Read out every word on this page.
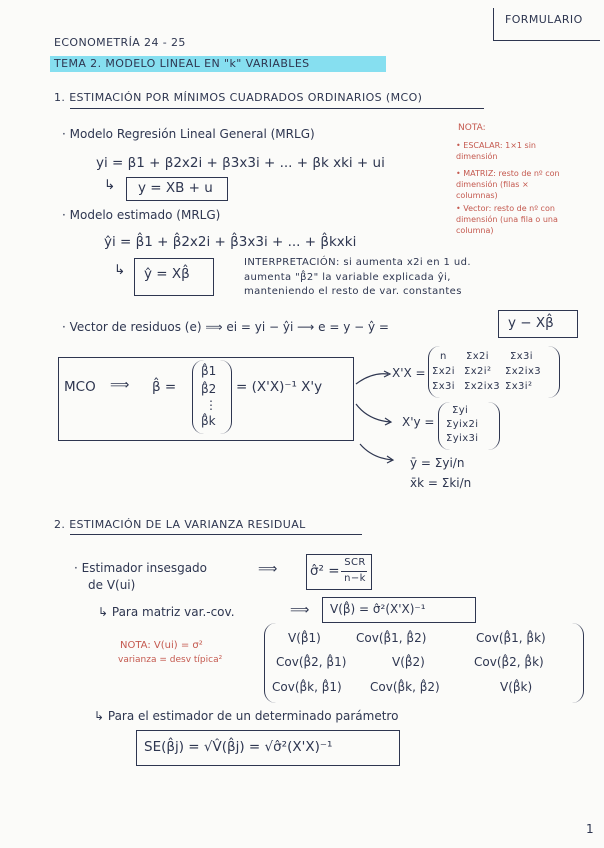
FORMULARIO
ECONOMETRÍA 24 - 25
TEMA 2. MODELO LINEAL EN "k" VARIABLES
1. ESTIMACIÓN POR MÍNIMOS CUADRADOS ORDINARIOS (MCO)
· Modelo Regresión Lineal General (MRLG)
yi = β1 + β2x2i + β3x3i + ... + βk xki + ui
↳ y = XB + u
NOTA:
• ESCALAR: 1×1 sin dimensión
• MATRIZ: resto de nº con dimensión (filas × columnas)
• Vector: resto de nº con dimensión (una fila o una columna)
· Modelo estimado (MRLG)
ŷi = β̂1 + β̂2x2i + β̂3x3i + ... + β̂kxki
↳ ŷ = Xβ̂
INTERPRETACIÓN: si aumenta x2i en 1 ud.
aumenta "β̂2" la variable explicada ŷi,
manteniendo el resto de var. constantes
· Vector de residuos (e) ⟹ ei = yi − ŷi ⟶ e = y − ŷ =	y − Xβ̂
MCO ⟹ β̂ =
β̂1
β̂2
⋮
β̂k
= (X'X)⁻¹ X'y
X'X =
n Σx2i Σx3i
Σx2i Σx2i² Σx2ix3
Σx3i Σx2ix3 Σx3i²
X'y =
Σyi
Σyix2i
Σyix3i
ȳ = Σyi/n
x̄k = Σki/n
2. ESTIMACIÓN DE LA VARIANZA RESIDUAL
· Estimador insesgado
de V(ui)
⟹ σ̂² =
SCR
n−k
↳ Para matriz var.-cov.	⟹ V(β̂) = σ̂²(X'X)⁻¹
NOTA: V(ui) = σ²
varianza = desv típica²
V(β̂1)	Cov(β̂1, β̂2)	Cov(β̂1, β̂k)
Cov(β̂2, β̂1)	V(β̂2)	Cov(β̂2, β̂k)
Cov(β̂k, β̂1) Cov(β̂k, β̂2)	V(β̂k)
↳ Para el estimador de un determinado parámetro
SE(β̂j) = √V̂(β̂j) = √σ̂²(X'X)⁻¹
1
